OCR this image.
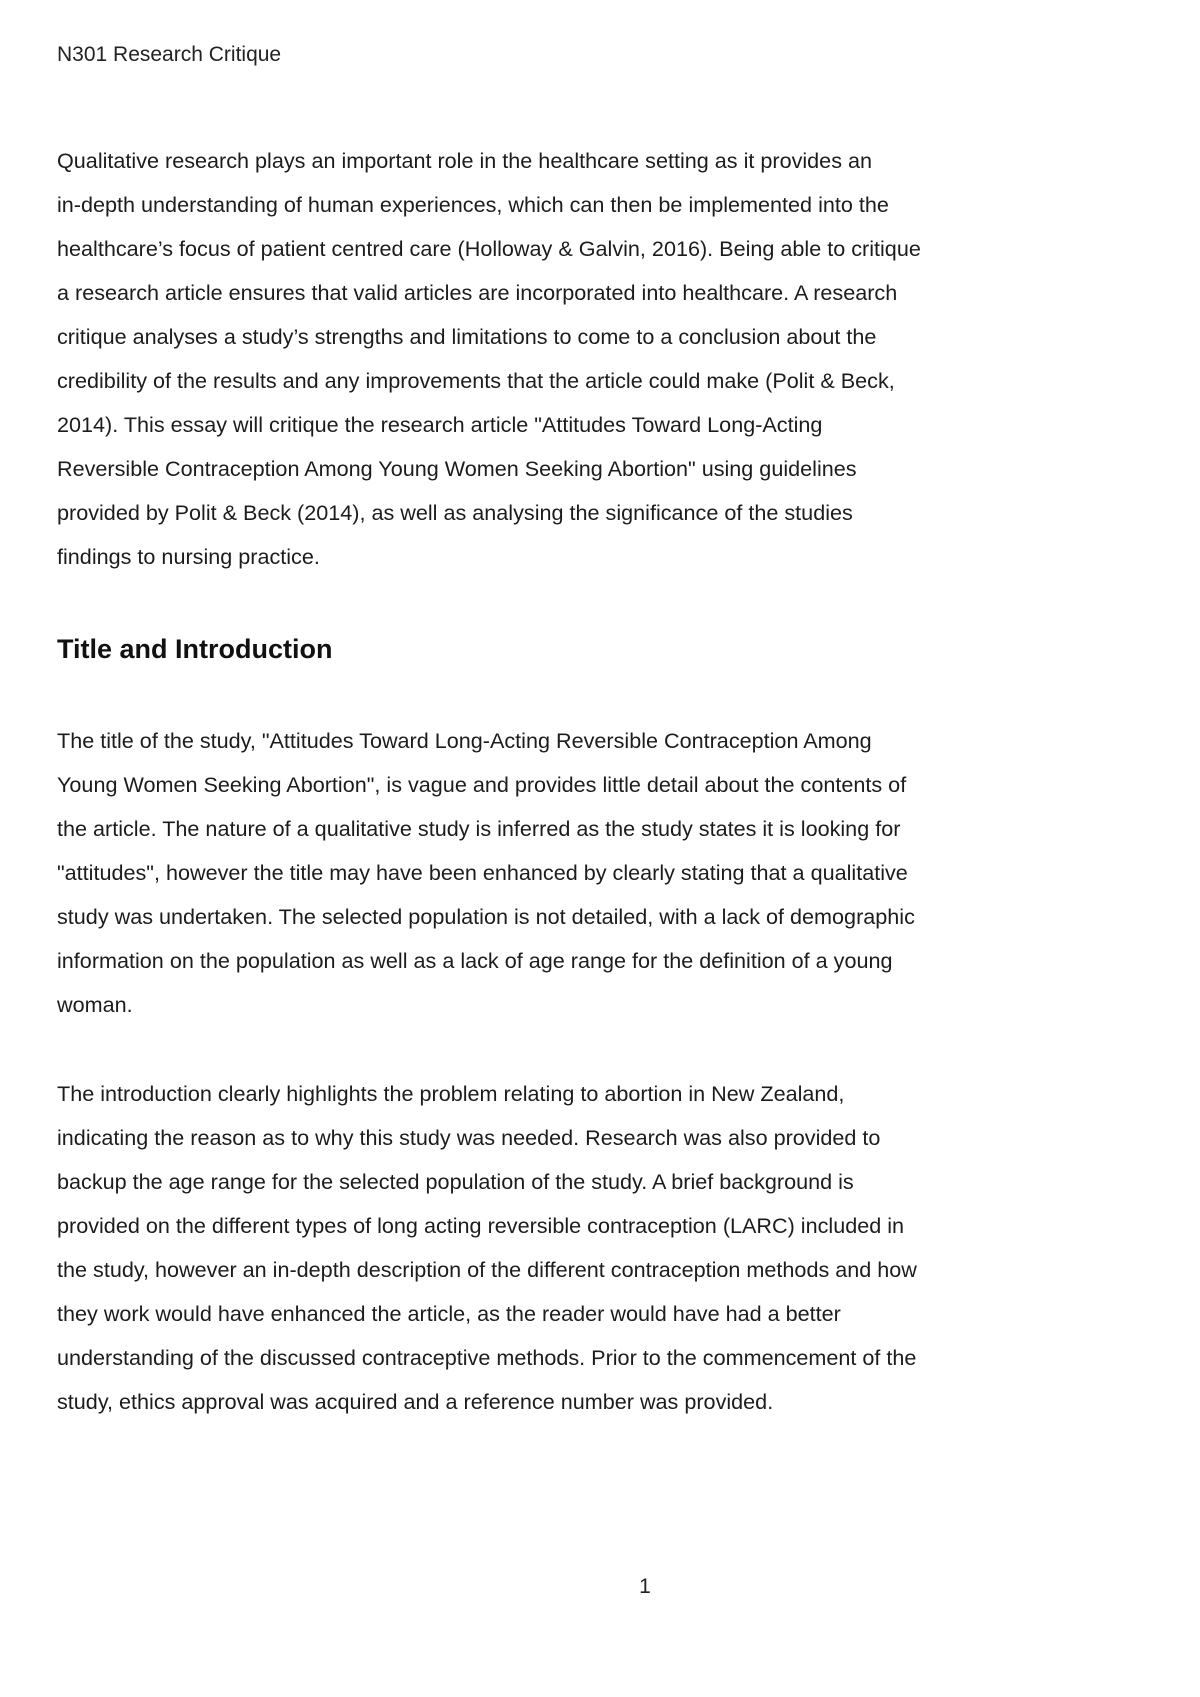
N301 Research Critique

Qualitative research plays an important role in the healthcare setting as it provides an
in-depth understanding of human experiences, which can then be implemented into the
healthcare’s focus of patient centred care (Holloway & Galvin, 2016). Being able to critique
a research article ensures that valid articles are incorporated into healthcare. A research
critique analyses a study’s strengths and limitations to come to a conclusion about the
credibility of the results and any improvements that the article could make (Polit & Beck,
2014). This essay will critique the research article "Attitudes Toward Long-Acting
Reversible Contraception Among Young Women Seeking Abortion" using guidelines
provided by Polit & Beck (2014), as well as analysing the significance of the studies
findings to nursing practice.

Title and Introduction

The title of the study, "Attitudes Toward Long-Acting Reversible Contraception Among
Young Women Seeking Abortion", is vague and provides little detail about the contents of
the article. The nature of a qualitative study is inferred as the study states it is looking for
"attitudes", however the title may have been enhanced by clearly stating that a qualitative
study was undertaken. The selected population is not detailed, with a lack of demographic
information on the population as well as a lack of age range for the definition of a young
woman.

The introduction clearly highlights the problem relating to abortion in New Zealand,
indicating the reason as to why this study was needed. Research was also provided to
backup the age range for the selected population of the study. A brief background is
provided on the different types of long acting reversible contraception (LARC) included in
the study, however an in-depth description of the different contraception methods and how
they work would have enhanced the article, as the reader would have had a better
understanding of the discussed contraceptive methods. Prior to the commencement of the
study, ethics approval was acquired and a reference number was provided.

1
